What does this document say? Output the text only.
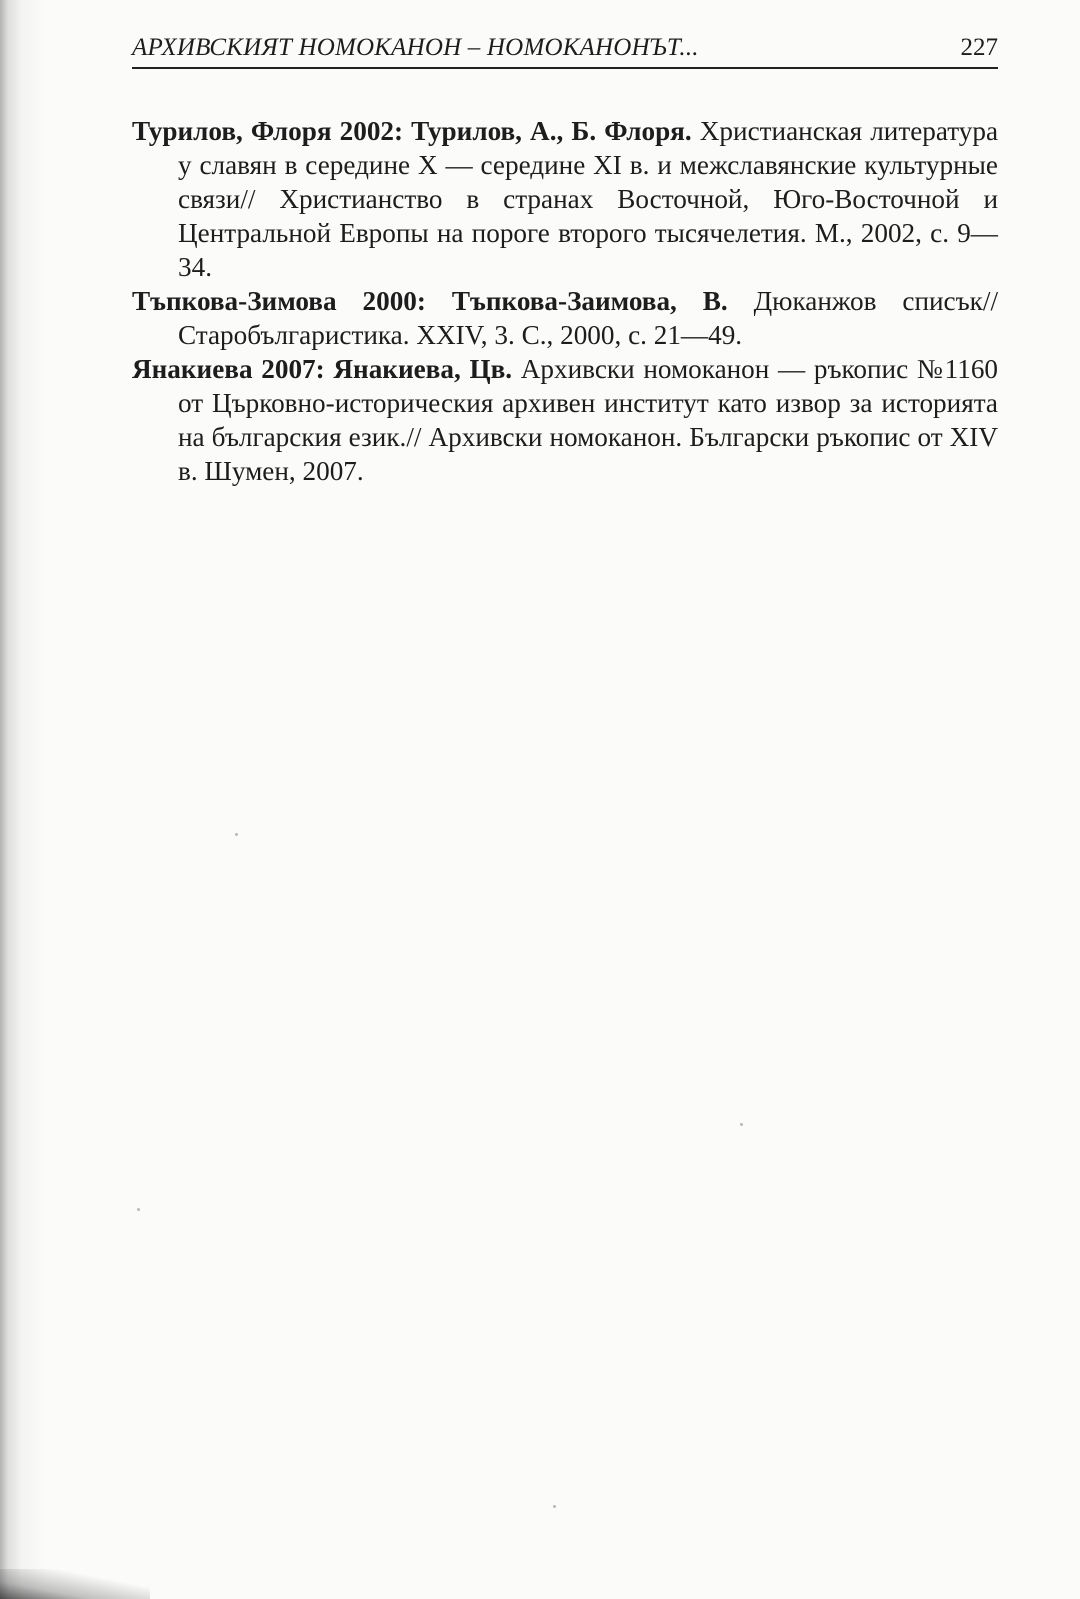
АРХИВСКИЯТ НОМОКАНОН – НОМОКАНОНЪТ...	227

Турилов, Флоря 2002: Турилов, А., Б. Флоря. Христианская литература у славян в середине X — середине XI в. и межславянские культурные связи// Христианство в странах Восточной, Юго-Восточной и Центральной Европы на пороге второго тысячелетия. М., 2002, с. 9—34.

Тъпкова-Зимова 2000: Тъпкова-Заимова, В. Дюканжов списък// Старобългаристика. XXIV, 3. С., 2000, с. 21—49.

Янакиева 2007: Янакиева, Цв. Архивски номоканон — ръкопис №1160 от Църковно-историческия архивен институт като извор за историята на българския език.// Архивски номоканон. Български ръкопис от XIV в. Шумен, 2007.
